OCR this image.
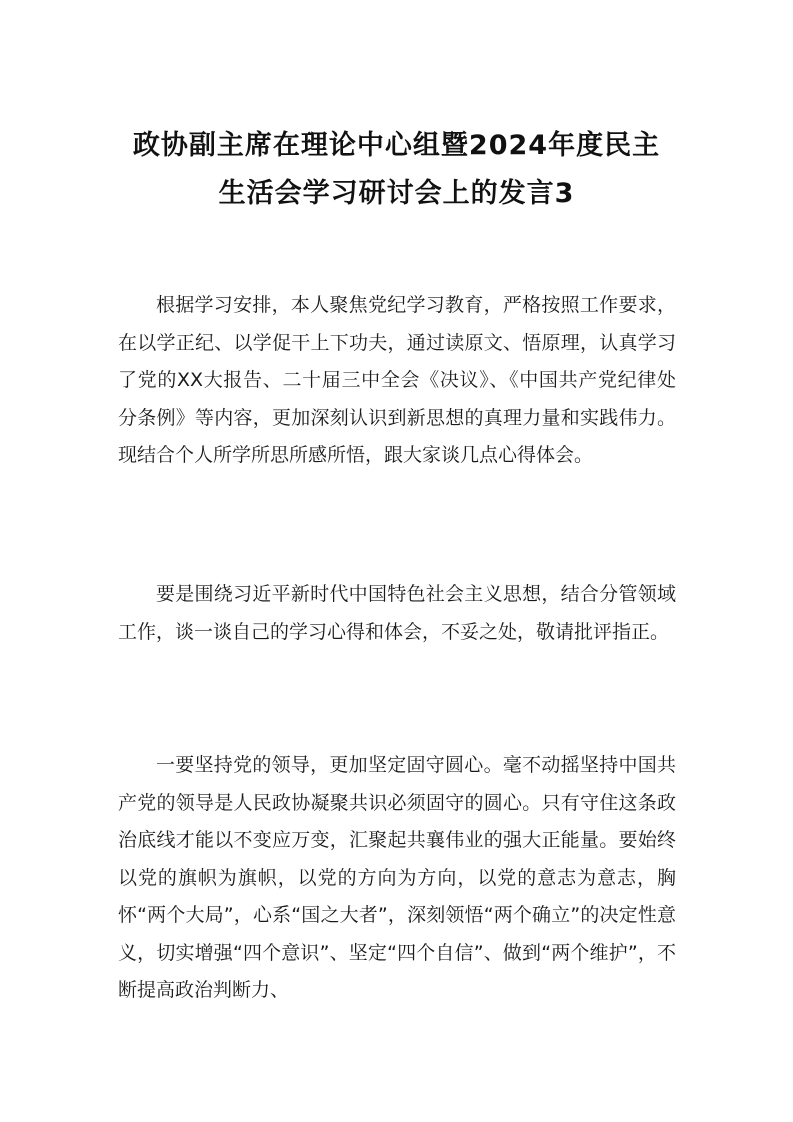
政协副主席在理论中心组暨2024年度民主
生活会学习研讨会上的发言3

根据学习安排，本人聚焦党纪学习教育，严格按照工作要求，在以学正纪、以学促干上下功夫，通过读原文、悟原理，认真学习了党的XX大报告、二十届三中全会《决议》、《中国共产党纪律处分条例》等内容，更加深刻认识到新思想的真理力量和实践伟力。现结合个人所学所思所感所悟，跟大家谈几点心得体会。

要是围绕习近平新时代中国特色社会主义思想，结合分管领域工作，谈一谈自己的学习心得和体会，不妥之处，敬请批评指正。

一要坚持党的领导，更加坚定固守圆心。毫不动摇坚持中国共产党的领导是人民政协凝聚共识必须固守的圆心。只有守住这条政治底线才能以不变应万变，汇聚起共襄伟业的强大正能量。要始终以党的旗帜为旗帜，以党的方向为方向，以党的意志为意志，胸怀“两个大局”，心系“国之大者”，深刻领悟“两个确立”的决定性意义，切实增强“四个意识”、坚定“四个自信”、做到“两个维护”，不断提高政治判断力、
